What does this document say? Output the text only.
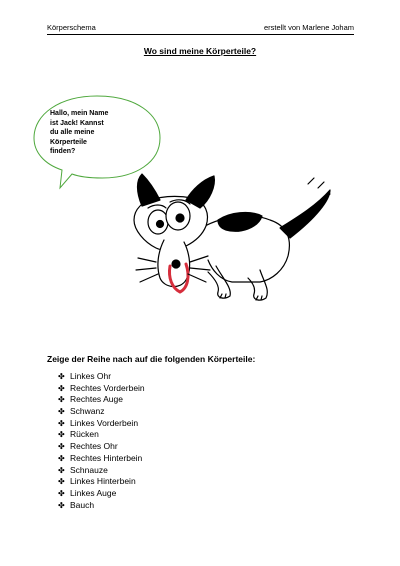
Körperschema	erstellt von Marlene Joham
Wo sind meine Körperteile?
Hallo, mein Name
ist Jack! Kannst
du alle meine
Körperteile
finden?
Zeige der Reihe nach auf die folgenden Körperteile:
✤ Linkes Ohr
✤ Rechtes Vorderbein
✤ Rechtes Auge
✤ Schwanz
✤ Linkes Vorderbein
✤ Rücken
✤ Rechtes Ohr
✤ Rechtes Hinterbein
✤ Schnauze
✤ Linkes Hinterbein
✤ Linkes Auge
✤ Bauch
